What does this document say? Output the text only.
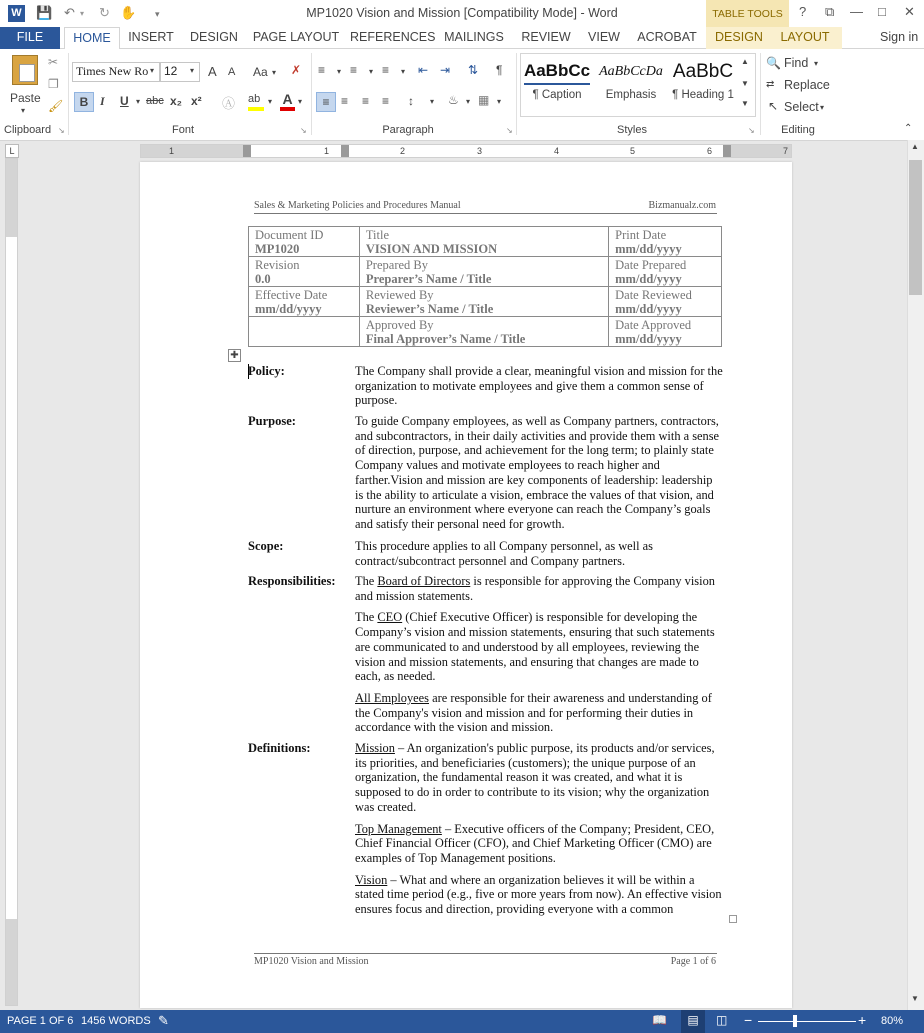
W 💾 ↶ ▾ ↻ ✋ ▾	MP1020 Vision and Mission [Compatibility Mode] - Word	TABLE TOOLS	? ⧉ — □ ✕
FILE	HOME	INSERT	DESIGN	PAGE LAYOUT REFERENCES MAILINGS	REVIEW	VIEW	ACROBAT	DESIGN	LAYOUT	Sign in
Paste
▾
✂
❐
🖌
Clipboard ↘
Times New Ro ▾ 12	▾ A A Aa ▾ ✗
B I U ▾ abc x₂ x² Ⓐ ab ▾ A ▾
Font	↘
≡ ▾ ≡ ▾ ≡ ▾ ⇤ ⇥ ⇅ ¶
≡ ≡ ≡ ≡ ↕ ▾ ♨ ▾ ▦ ▾
Paragraph	↘
AaBbCc
¶ Caption
AaBbCcDa
Emphasis
AaBbC
¶ Heading 1
▲
▼
▼
Styles	↘
🔍 Find ▾
⇄ Replace
↖ Select ▾
Editing	⌃
L	1	1	2	3	4	5	6	7	▲
▼
Sales & Marketing Policies and Procedures Manual	Bizmanualz.com
Document ID
MP1020	Title
VISION AND MISSION	Print Date
mm/dd/yyyy

Revision
0.0	Prepared By
Preparer’s Name / Title	Date Prepared
mm/dd/yyyy

Effective Date
mm/dd/yyyy	Reviewed By
Reviewer’s Name / Title	Date Reviewed
mm/dd/yyyy

	Approved By
Final Approver’s Name / Title	Date Approved
mm/dd/yyyy
✚
Policy:	The Company shall provide a clear, meaningful vision and mission for the organization to motivate employees and give them a common sense of purpose.

Purpose:	To guide Company employees, as well as Company partners, contractors, and subcontractors, in their daily activities and provide them with a sense of direction, purpose, and achievement for the long term; to plainly state Company values and motivate employees to reach higher and farther.Vision and mission are key components of leadership: leadership is the ability to articulate a vision, embrace the values of that vision, and nurture an environment where everyone can reach the Company’s goals and satisfy their personal need for growth.

Scope:	This procedure applies to all Company personnel, as well as contract/subcontract personnel and Company partners.

Responsibilities: The Board of Directors is responsible for approving the Company vision and mission statements.

The CEO (Chief Executive Officer) is responsible for developing the Company’s vision and mission statements, ensuring that such statements are communicated to and understood by all employees, reviewing the vision and mission statements, and ensuring that changes are made to each, as needed.

All Employees are responsible for their awareness and understanding of the Company's vision and mission and for performing their duties in accordance with the vision and mission.

Definitions:	Mission – An organization's public purpose, its products and/or services, its priorities, and beneficiaries (customers); the unique purpose of an organization, the fundamental reason it was created, and what it is supposed to do in order to contribute to its vision; why the organization was created.

Top Management – Executive officers of the Company; President, CEO, Chief Financial Officer (CFO), and Chief Marketing Officer (CMO) are examples of Top Management positions.

Vision – What and where an organization believes it will be within a stated time period (e.g., five or more years from now). An effective vision ensures focus and direction, providing everyone with a common

MP1020 Vision and Mission	Page 1 of 6
PAGE 1 OF 6 1456 WORDS ✎	📖	▤	◫ −	+ 80%
